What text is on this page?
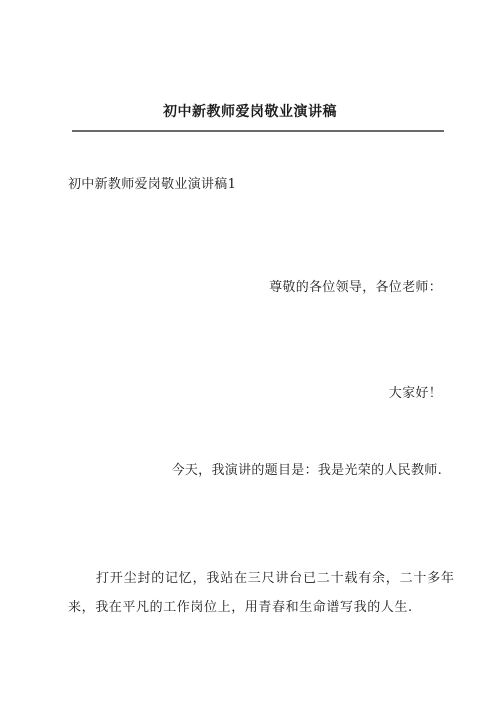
初中新教师爱岗敬业演讲稿
初中新教师爱岗敬业演讲稿1
尊敬的各位领导，各位老师：
大家好！
今天，我演讲的题目是：我是光荣的人民教师.
打开尘封的记忆，我站在三尺讲台已二十载有余，二十多年
来，我在平凡的工作岗位上，用青春和生命谱写我的人生.
